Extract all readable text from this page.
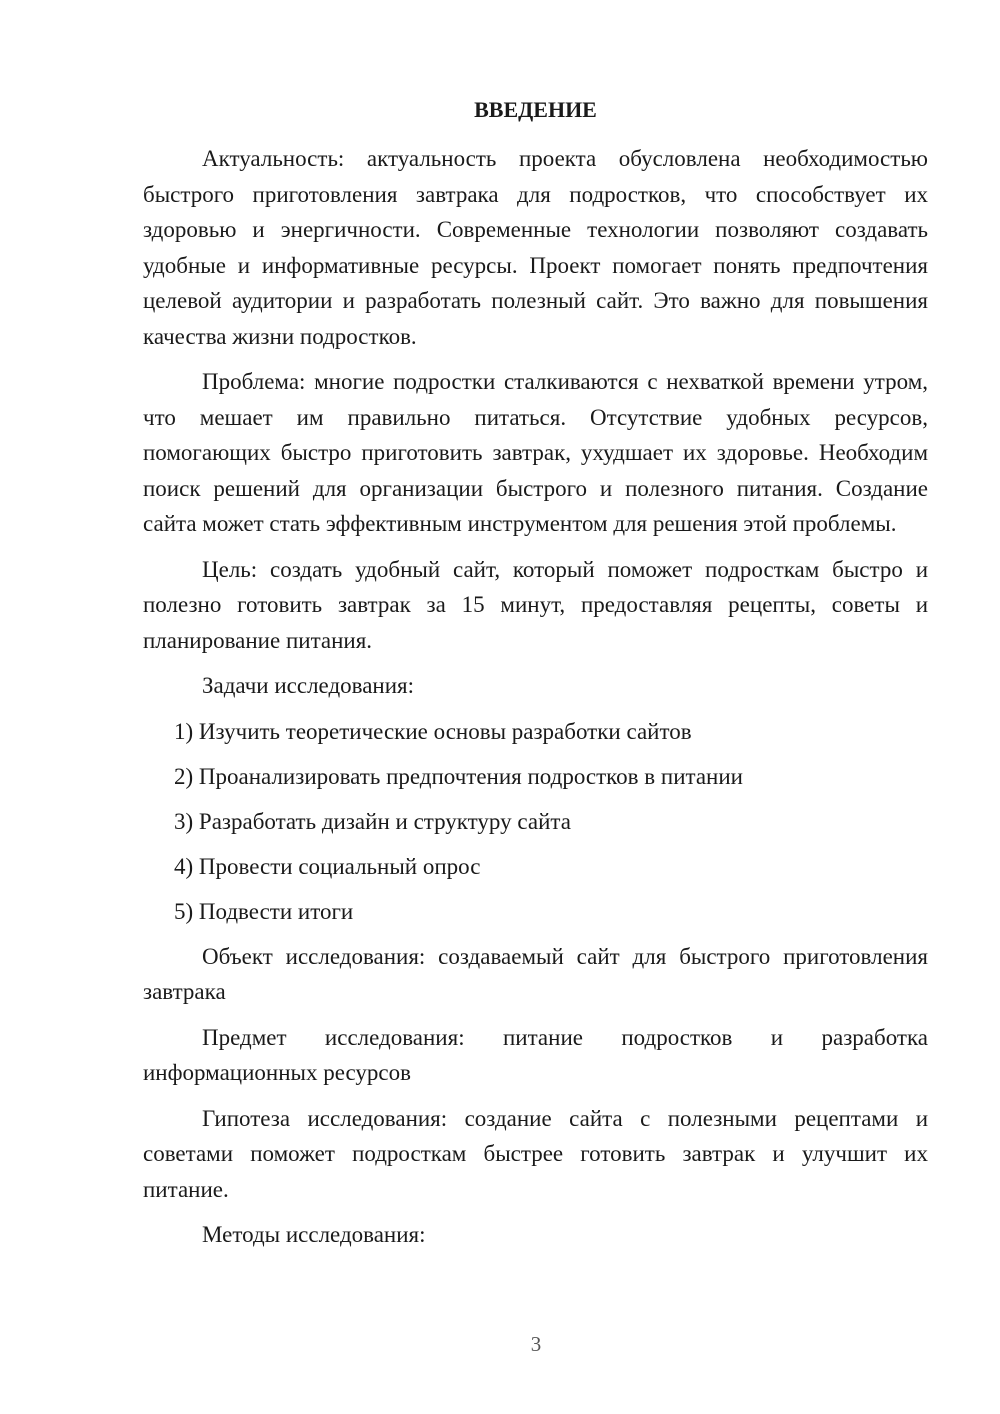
ВВЕДЕНИЕ

Актуальность: актуальность проекта обусловлена необходимостью быстрого приготовления завтрака для подростков, что способствует их здоровью и энергичности. Современные технологии позволяют создавать удобные и информативные ресурсы. Проект помогает понять предпочтения целевой аудитории и разработать полезный сайт. Это важно для повышения качества жизни подростков.

Проблема: многие подростки сталкиваются с нехваткой времени утром, что мешает им правильно питаться. Отсутствие удобных ресурсов, помогающих быстро приготовить завтрак, ухудшает их здоровье. Необходим поиск решений для организации быстрого и полезного питания. Создание сайта может стать эффективным инструментом для решения этой проблемы.

Цель: создать удобный сайт, который поможет подросткам быстро и полезно готовить завтрак за 15 минут, предоставляя рецепты, советы и планирование питания.

Задачи исследования:

1) Изучить теоретические основы разработки сайтов
2) Проанализировать предпочтения подростков в питании
3) Разработать дизайн и структуру сайта
4) Провести социальный опрос
5) Подвести итоги

Объект исследования: создаваемый сайт для быстрого приготовления завтрака

Предмет исследования: питание подростков и разработка информационных ресурсов

Гипотеза исследования: создание сайта с полезными рецептами и советами поможет подросткам быстрее готовить завтрак и улучшит их питание.

Методы исследования:

3
